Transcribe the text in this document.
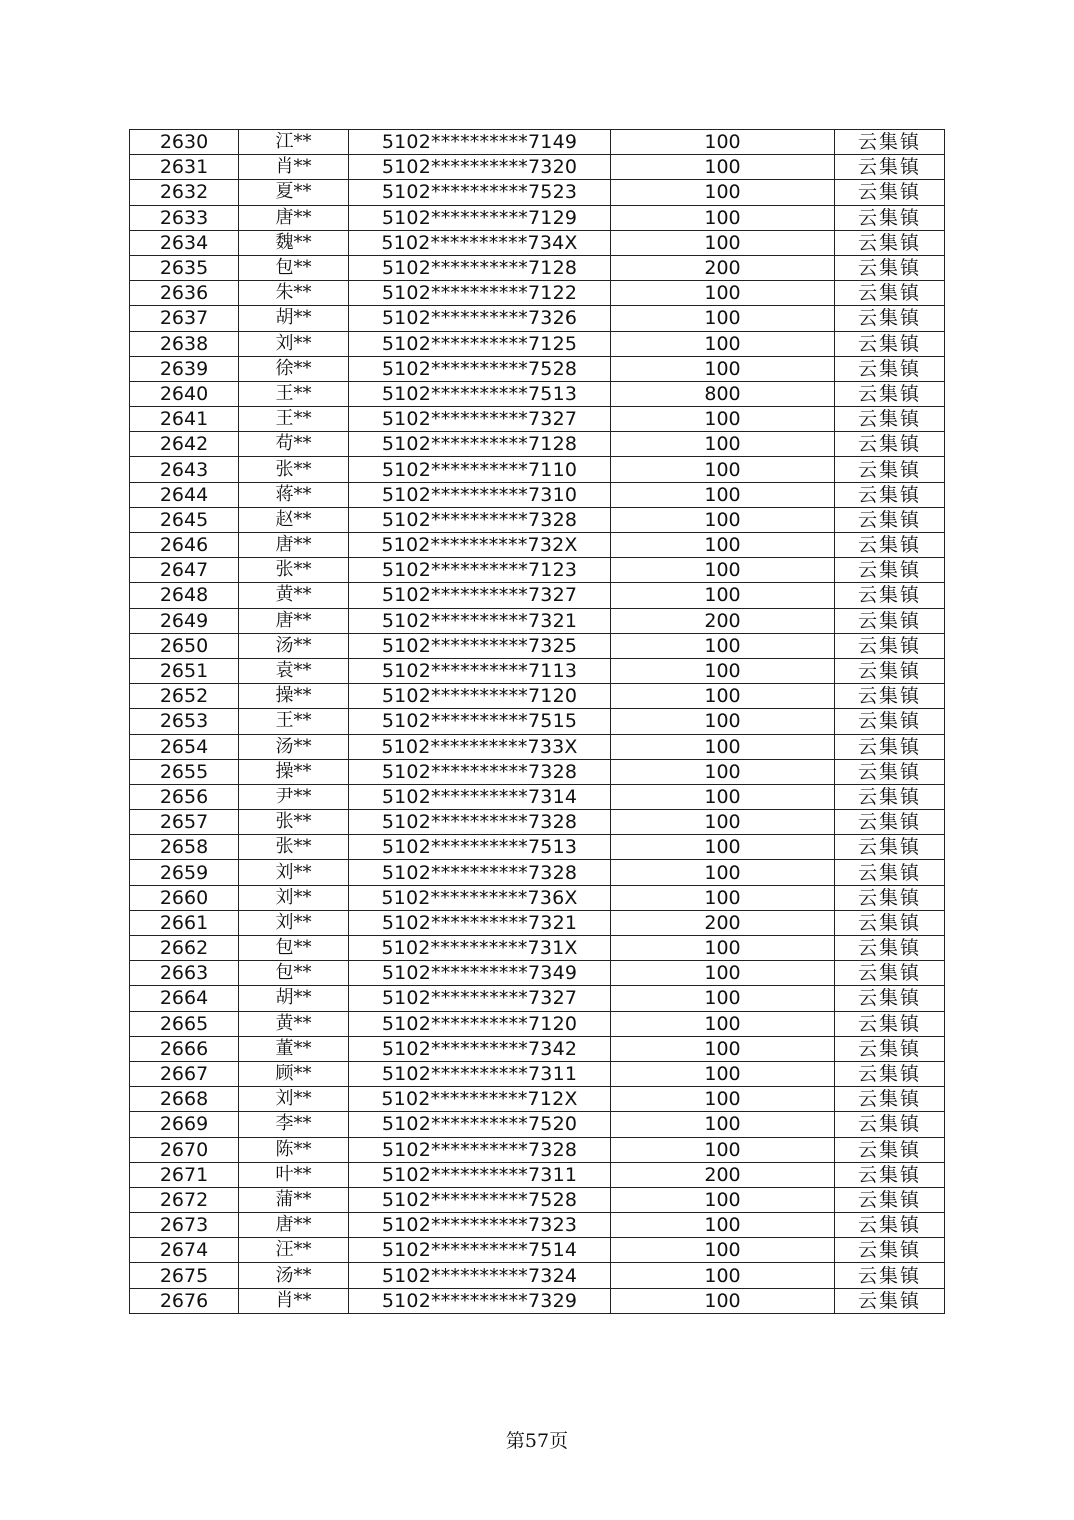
2630	江**	5102**********7149	100	云集镇
2631	肖**	5102**********7320	100	云集镇
2632	夏**	5102**********7523	100	云集镇
2633	唐**	5102**********7129	100	云集镇
2634	魏**	5102**********734X	100	云集镇
2635	包**	5102**********7128	200	云集镇
2636	朱**	5102**********7122	100	云集镇
2637	胡**	5102**********7326	100	云集镇
2638	刘**	5102**********7125	100	云集镇
2639	徐**	5102**********7528	100	云集镇
2640	王**	5102**********7513	800	云集镇
2641	王**	5102**********7327	100	云集镇
2642	苟**	5102**********7128	100	云集镇
2643	张**	5102**********7110	100	云集镇
2644	蒋**	5102**********7310	100	云集镇
2645	赵**	5102**********7328	100	云集镇
2646	唐**	5102**********732X	100	云集镇
2647	张**	5102**********7123	100	云集镇
2648	黄**	5102**********7327	100	云集镇
2649	唐**	5102**********7321	200	云集镇
2650	汤**	5102**********7325	100	云集镇
2651	袁**	5102**********7113	100	云集镇
2652	操**	5102**********7120	100	云集镇
2653	王**	5102**********7515	100	云集镇
2654	汤**	5102**********733X	100	云集镇
2655	操**	5102**********7328	100	云集镇
2656	尹**	5102**********7314	100	云集镇
2657	张**	5102**********7328	100	云集镇
2658	张**	5102**********7513	100	云集镇
2659	刘**	5102**********7328	100	云集镇
2660	刘**	5102**********736X	100	云集镇
2661	刘**	5102**********7321	200	云集镇
2662	包**	5102**********731X	100	云集镇
2663	包**	5102**********7349	100	云集镇
2664	胡**	5102**********7327	100	云集镇
2665	黄**	5102**********7120	100	云集镇
2666	董**	5102**********7342	100	云集镇
2667	顾**	5102**********7311	100	云集镇
2668	刘**	5102**********712X	100	云集镇
2669	李**	5102**********7520	100	云集镇
2670	陈**	5102**********7328	100	云集镇
2671	叶**	5102**********7311	200	云集镇
2672	蒲**	5102**********7528	100	云集镇
2673	唐**	5102**********7323	100	云集镇
2674	汪**	5102**********7514	100	云集镇
2675	汤**	5102**********7324	100	云集镇
2676	肖**	5102**********7329	100	云集镇
第57页
